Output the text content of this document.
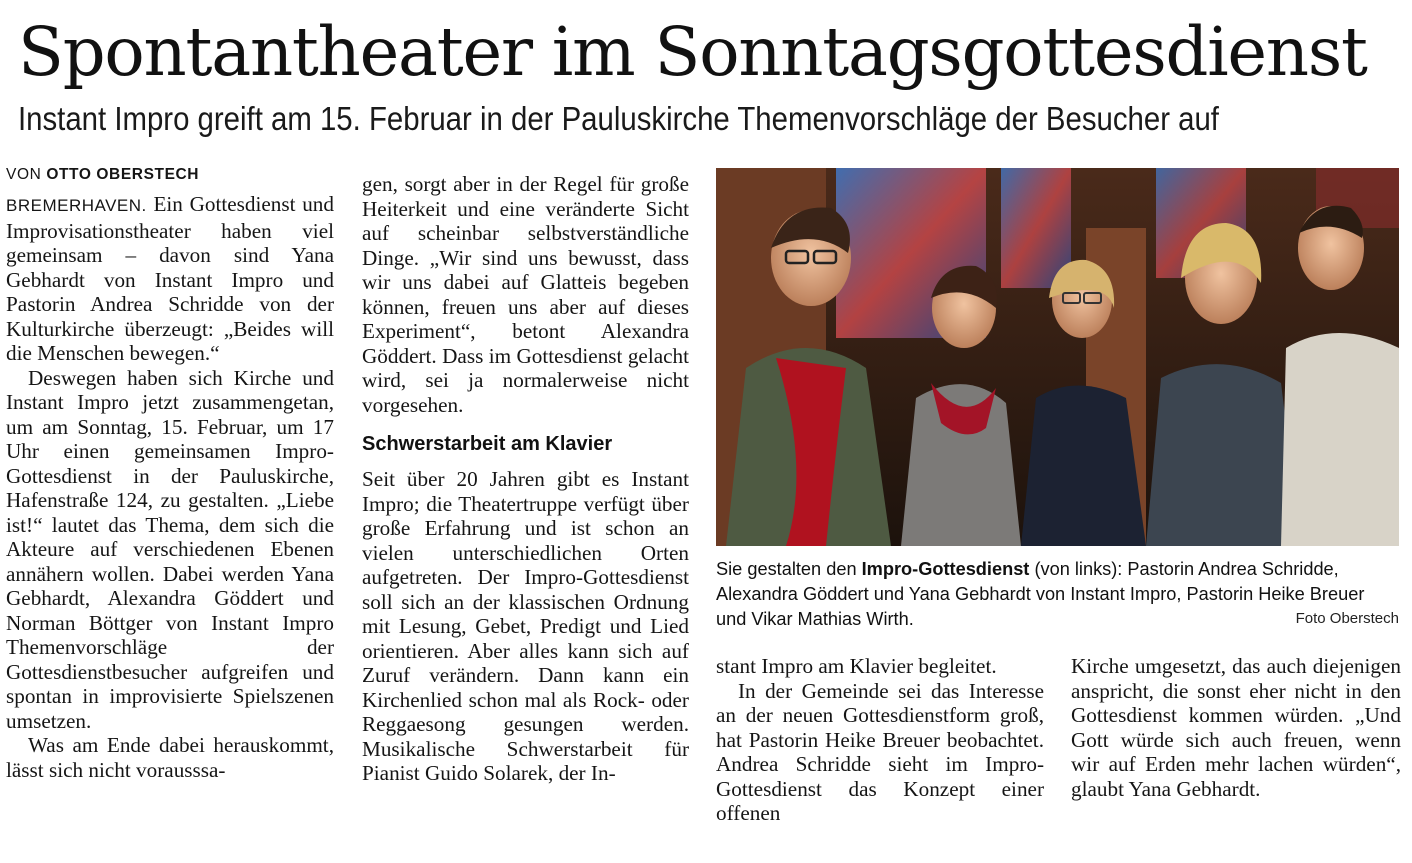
Spontantheater im Sonntagsgottesdienst
Instant Impro greift am 15. Februar in der Pauluskirche Themenvorschläge der Besucher auf
VON OTTO OBERSTECH

BREMERHAVEN. Ein Gottesdienst und Improvisationstheater haben viel gemeinsam – davon sind Yana Gebhardt von Instant Impro und Pastorin Andrea Schridde von der Kulturkirche überzeugt: „Beides will die Menschen bewegen.“

Deswegen haben sich Kirche und Instant Impro jetzt zusammengetan, um am Sonntag, 15. Februar, um 17 Uhr einen gemeinsamen Impro-Gottesdienst in der Pauluskirche, Hafenstraße 124, zu gestalten. „Liebe ist!“ lautet das Thema, dem sich die Akteure auf verschiedenen Ebenen annähern wollen. Dabei werden Yana Gebhardt, Alexandra Göddert und Norman Böttger von Instant Impro Themenvorschläge der Gottesdienstbesucher aufgreifen und spontan in improvisierte Spielszenen umsetzen.

Was am Ende dabei herauskommt, lässt sich nicht vorausssa-

gen, sorgt aber in der Regel für große Heiterkeit und eine veränderte Sicht auf scheinbar selbstverständliche Dinge. „Wir sind uns bewusst, dass wir uns dabei auf Glatteis begeben können, freuen uns aber auf dieses Experiment“, betont Alexandra Göddert. Dass im Gottesdienst gelacht wird, sei ja normalerweise nicht vorgesehen.

Schwerstarbeit am Klavier

Seit über 20 Jahren gibt es Instant Impro; die Theatertruppe verfügt über große Erfahrung und ist schon an vielen unterschiedlichen Orten aufgetreten. Der Impro-Gottesdienst soll sich an der klassischen Ordnung mit Lesung, Gebet, Predigt und Lied orientieren. Aber alles kann sich auf Zuruf verändern. Dann kann ein Kirchenlied schon mal als Rock- oder Reggaesong gesungen werden. Musikalische Schwerstarbeit für Pianist Guido Solarek, der In-

Sie gestalten den Impro-Gottesdienst (von links): Pastorin Andrea Schridde, Alexandra Göddert und Yana Gebhardt von Instant Impro, Pastorin Heike Breuer und Vikar Mathias Wirth.	Foto Oberstech

stant Impro am Klavier begleitet.

In der Gemeinde sei das Interesse an der neuen Gottesdienstform groß, hat Pastorin Heike Breuer beobachtet. Andrea Schridde sieht im Impro-Gottesdienst das Konzept einer offenen

Kirche umgesetzt, das auch diejenigen anspricht, die sonst eher nicht in den Gottesdienst kommen würden. „Und Gott würde sich auch freuen, wenn wir auf Erden mehr lachen würden“, glaubt Yana Gebhardt.
